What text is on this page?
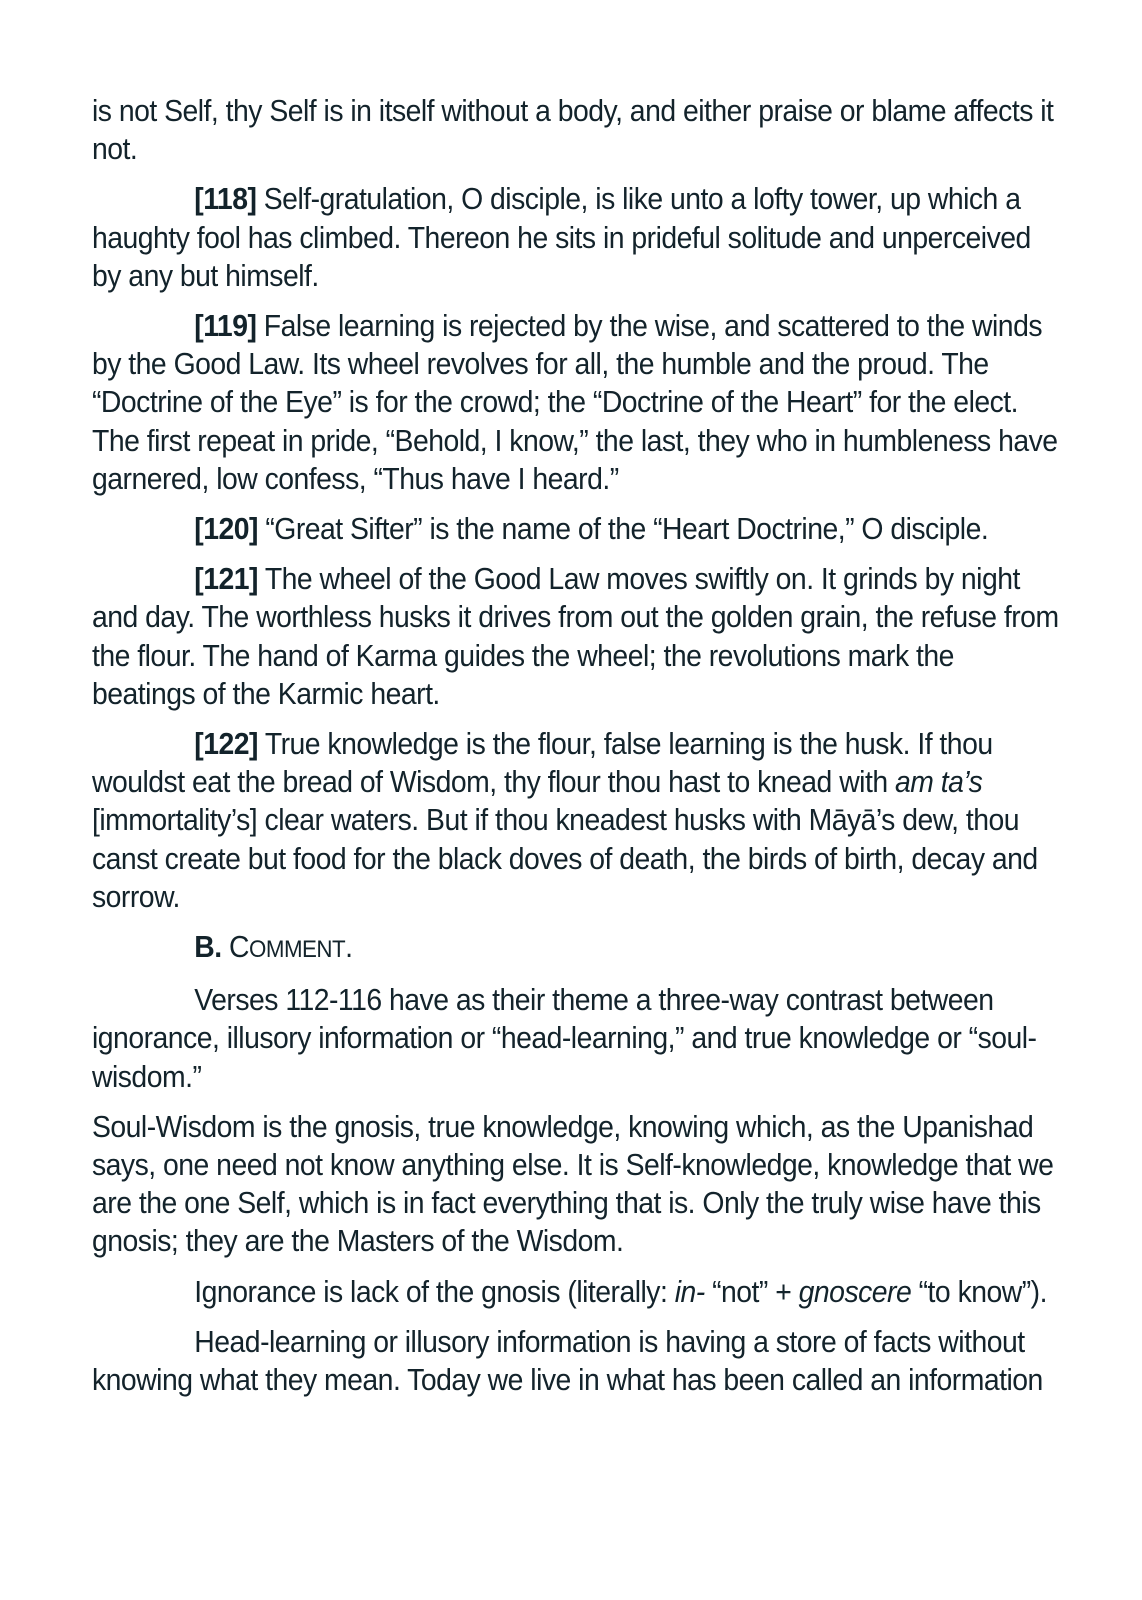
is not Self, thy Self is in itself without a body, and either praise or blame affects it not.

[118] Self-gratulation, O disciple, is like unto a lofty tower, up which a haughty fool has climbed. Thereon he sits in prideful solitude and unperceived by any but himself.

[119] False learning is rejected by the wise, and scattered to the winds by the Good Law. Its wheel revolves for all, the humble and the proud. The “Doctrine of the Eye” is for the crowd; the “Doctrine of the Heart” for the elect. The first repeat in pride, “Behold, I know,” the last, they who in humbleness have garnered, low confess, “Thus have I heard.”

[120] “Great Sifter” is the name of the “Heart Doctrine,” O disciple.

[121] The wheel of the Good Law moves swiftly on. It grinds by night and day. The worthless husks it drives from out the golden grain, the refuse from the flour. The hand of Karma guides the wheel; the revolutions mark the beatings of the Karmic heart.

[122] True knowledge is the flour, false learning is the husk. If thou wouldst eat the bread of Wisdom, thy flour thou hast to knead with am ta’s [immortality’s] clear waters. But if thou kneadest husks with Māyā’s dew, thou canst create but food for the black doves of death, the birds of birth, decay and sorrow.

B. COMMENT.

Verses 112-116 have as their theme a three-way contrast between ignorance, illusory information or “head-learning,” and true knowledge or “soul-wisdom.”

Soul-Wisdom is the gnosis, true knowledge, knowing which, as the Upanishad says, one need not know anything else. It is Self-knowledge, knowledge that we are the one Self, which is in fact everything that is. Only the truly wise have this gnosis; they are the Masters of the Wisdom.

Ignorance is lack of the gnosis (literally: in- “not” + gnoscere “to know”).

Head-learning or illusory information is having a store of facts without knowing what they mean. Today we live in what has been called an information
